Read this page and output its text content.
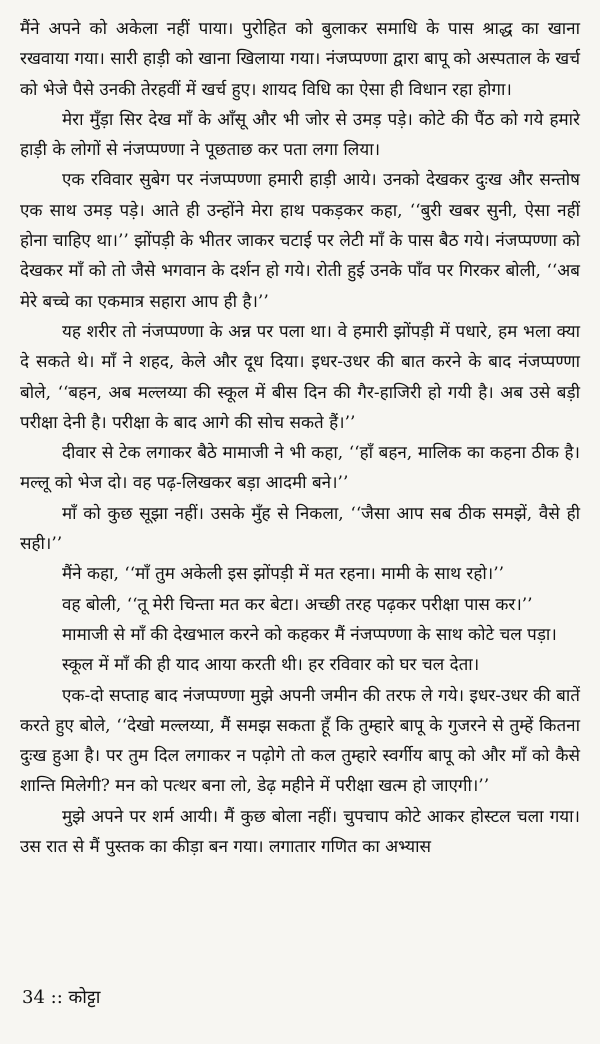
मैंने अपने को अकेला नहीं पाया। पुरोहित को बुलाकर समाधि के पास श्राद्ध का खाना रखवाया गया। सारी हाड़ी को खाना खिलाया गया। नंजप्पण्णा द्वारा बापू को अस्पताल के खर्च को भेजे पैसे उनकी तेरहवीं में खर्च हुए। शायद विधि का ऐसा ही विधान रहा होगा।

मेरा मुँड़ा सिर देख माँ के आँसू और भी जोर से उमड़ पड़े। कोटे की पैंठ को गये हमारे हाड़ी के लोगों से नंजप्पण्णा ने पूछताछ कर पता लगा लिया।

एक रविवार सुबेग पर नंजप्पण्णा हमारी हाड़ी आये। उनको देखकर दुःख और सन्तोष एक साथ उमड़ पड़े। आते ही उन्होंने मेरा हाथ पकड़कर कहा, ‘‘बुरी खबर सुनी, ऐसा नहीं होना चाहिए था।’’ झोंपड़ी के भीतर जाकर चटाई पर लेटी माँ के पास बैठ गये। नंजप्पण्णा को देखकर माँ को तो जैसे भगवान के दर्शन हो गये। रोती हुई उनके पाँव पर गिरकर बोली, ‘‘अब मेरे बच्चे का एकमात्र सहारा आप ही है।’’

यह शरीर तो नंजप्पण्णा के अन्न पर पला था। वे हमारी झोंपड़ी में पधारे, हम भला क्या दे सकते थे। माँ ने शहद, केले और दूध दिया। इधर-उधर की बात करने के बाद नंजप्पण्णा बोले, ‘‘बहन, अब मल्लय्या की स्कूल में बीस दिन की गैर-हाजिरी हो गयी है। अब उसे बड़ी परीक्षा देनी है। परीक्षा के बाद आगे की सोच सकते हैं।’’

दीवार से टेक लगाकर बैठे मामाजी ने भी कहा, ‘‘हाँ बहन, मालिक का कहना ठीक है। मल्लू को भेज दो। वह पढ़-लिखकर बड़ा आदमी बने।’’

माँ को कुछ सूझा नहीं। उसके मुँह से निकला, ‘‘जैसा आप सब ठीक समझें, वैसे ही सही।’’

मैंने कहा, ‘‘माँ तुम अकेली इस झोंपड़ी में मत रहना। मामी के साथ रहो।’’

वह बोली, ‘‘तू मेरी चिन्ता मत कर बेटा। अच्छी तरह पढ़कर परीक्षा पास कर।’’

मामाजी से माँ की देखभाल करने को कहकर मैं नंजप्पण्णा के साथ कोटे चल पड़ा।

स्कूल में माँ की ही याद आया करती थी। हर रविवार को घर चल देता।

एक-दो सप्ताह बाद नंजप्पण्णा मुझे अपनी जमीन की तरफ ले गये। इधर-उधर की बातें करते हुए बोले, ‘‘देखो मल्लय्या, मैं समझ सकता हूँ कि तुम्हारे बापू के गुजरने से तुम्हें कितना दुःख हुआ है। पर तुम दिल लगाकर न पढ़ोगे तो कल तुम्हारे स्वर्गीय बापू को और माँ को कैसे शान्ति मिलेगी? मन को पत्थर बना लो, डेढ़ महीने में परीक्षा खत्म हो जाएगी।’’

मुझे अपने पर शर्म आयी। मैं कुछ बोला नहीं। चुपचाप कोटे आकर होस्टल चला गया। उस रात से मैं पुस्तक का कीड़ा बन गया। लगातार गणित का अभ्यास

34 :: कोट्टा
